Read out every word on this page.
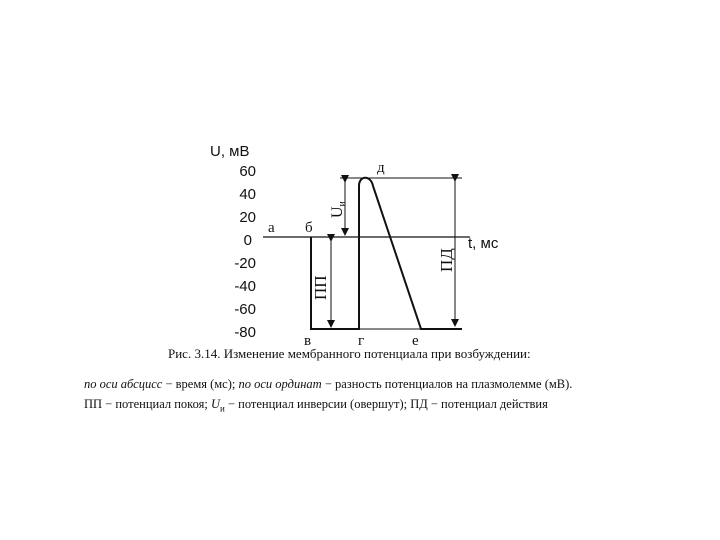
U, мВ
60
40
20
0
-20
-40
-60
-80
t, мс
ПП
Uи
ПД
а б
в	г
д
е
Рис. 3.14. Изменение мембранного потенциала при возбуждении:
по оси абсцисс − время (мс); по оси ординат − разность потенциалов на плазмолемме (мВ).
ПП − потенциал покоя; $U_и$ − потенциал инверсии (овершут); ПД − потенциал действия
